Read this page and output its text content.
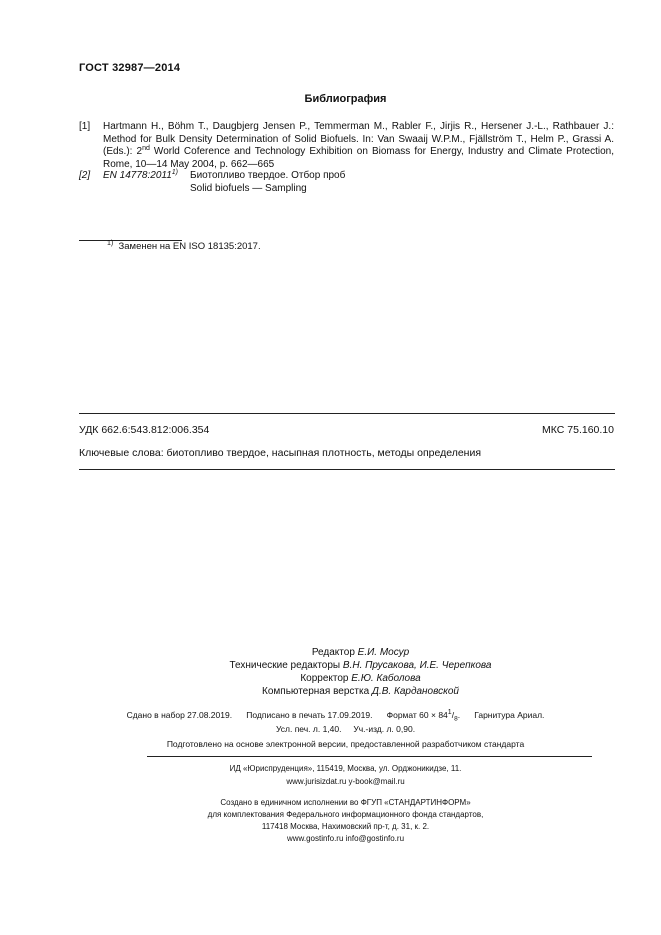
ГОСТ 32987—2014
Библиография
[1] Hartmann H., Böhm T., Daugbjerg Jensen P., Temmerman M., Rabler F., Jirjis R., Hersener J.-L., Rathbauer J.:
Method for Bulk Density Determination of Solid Biofuels. In: Van Swaaij W.P.M., Fjällström T., Helm P., Grassi A.
(Eds.): 2nd World Coference and Technology Exhibition on Biomass for Energy, Industry and Climate Protection,
Rome, 10—14 May 2004, p. 662—665
[2] EN 14778:2011$^{1)}$ Биотопливо твердое. Отбор проб
Solid biofuels — Sampling
$^{1)}$ Заменен на EN ISO 18135:2017.
УДК 662.6:543.812:006.354	МКС 75.160.10
Ключевые слова: биотопливо твердое, насыпная плотность, методы определения
Редактор Е.И. Мосур
Технические редакторы В.Н. Прусакова, И.Е. Черепкова
Корректор Е.Ю. Каболова
Компьютерная верстка Д.В. Кардановской
Сдано в набор 27.08.2019. Подписано в печать 17.09.2019. Формат $60 \times 84^1/_8$.      Гарнитура Ариал.
Усл. печ. л. 1,40. Уч.-изд. л. 0,90.
Подготовлено на основе электронной версии, предоставленной разработчиком стандарта
ИД «Юриспруденция», 115419, Москва, ул. Орджоникидзе, 11.
www.jurisizdat.ru y-book@mail.ru
Создано в единичном исполнении во ФГУП «СТАНДАРТИНФОРМ»
для комплектования Федерального информационного фонда стандартов,
117418 Москва, Нахимовский пр-т, д. 31, к. 2.
www.gostinfo.ru info@gostinfo.ru
